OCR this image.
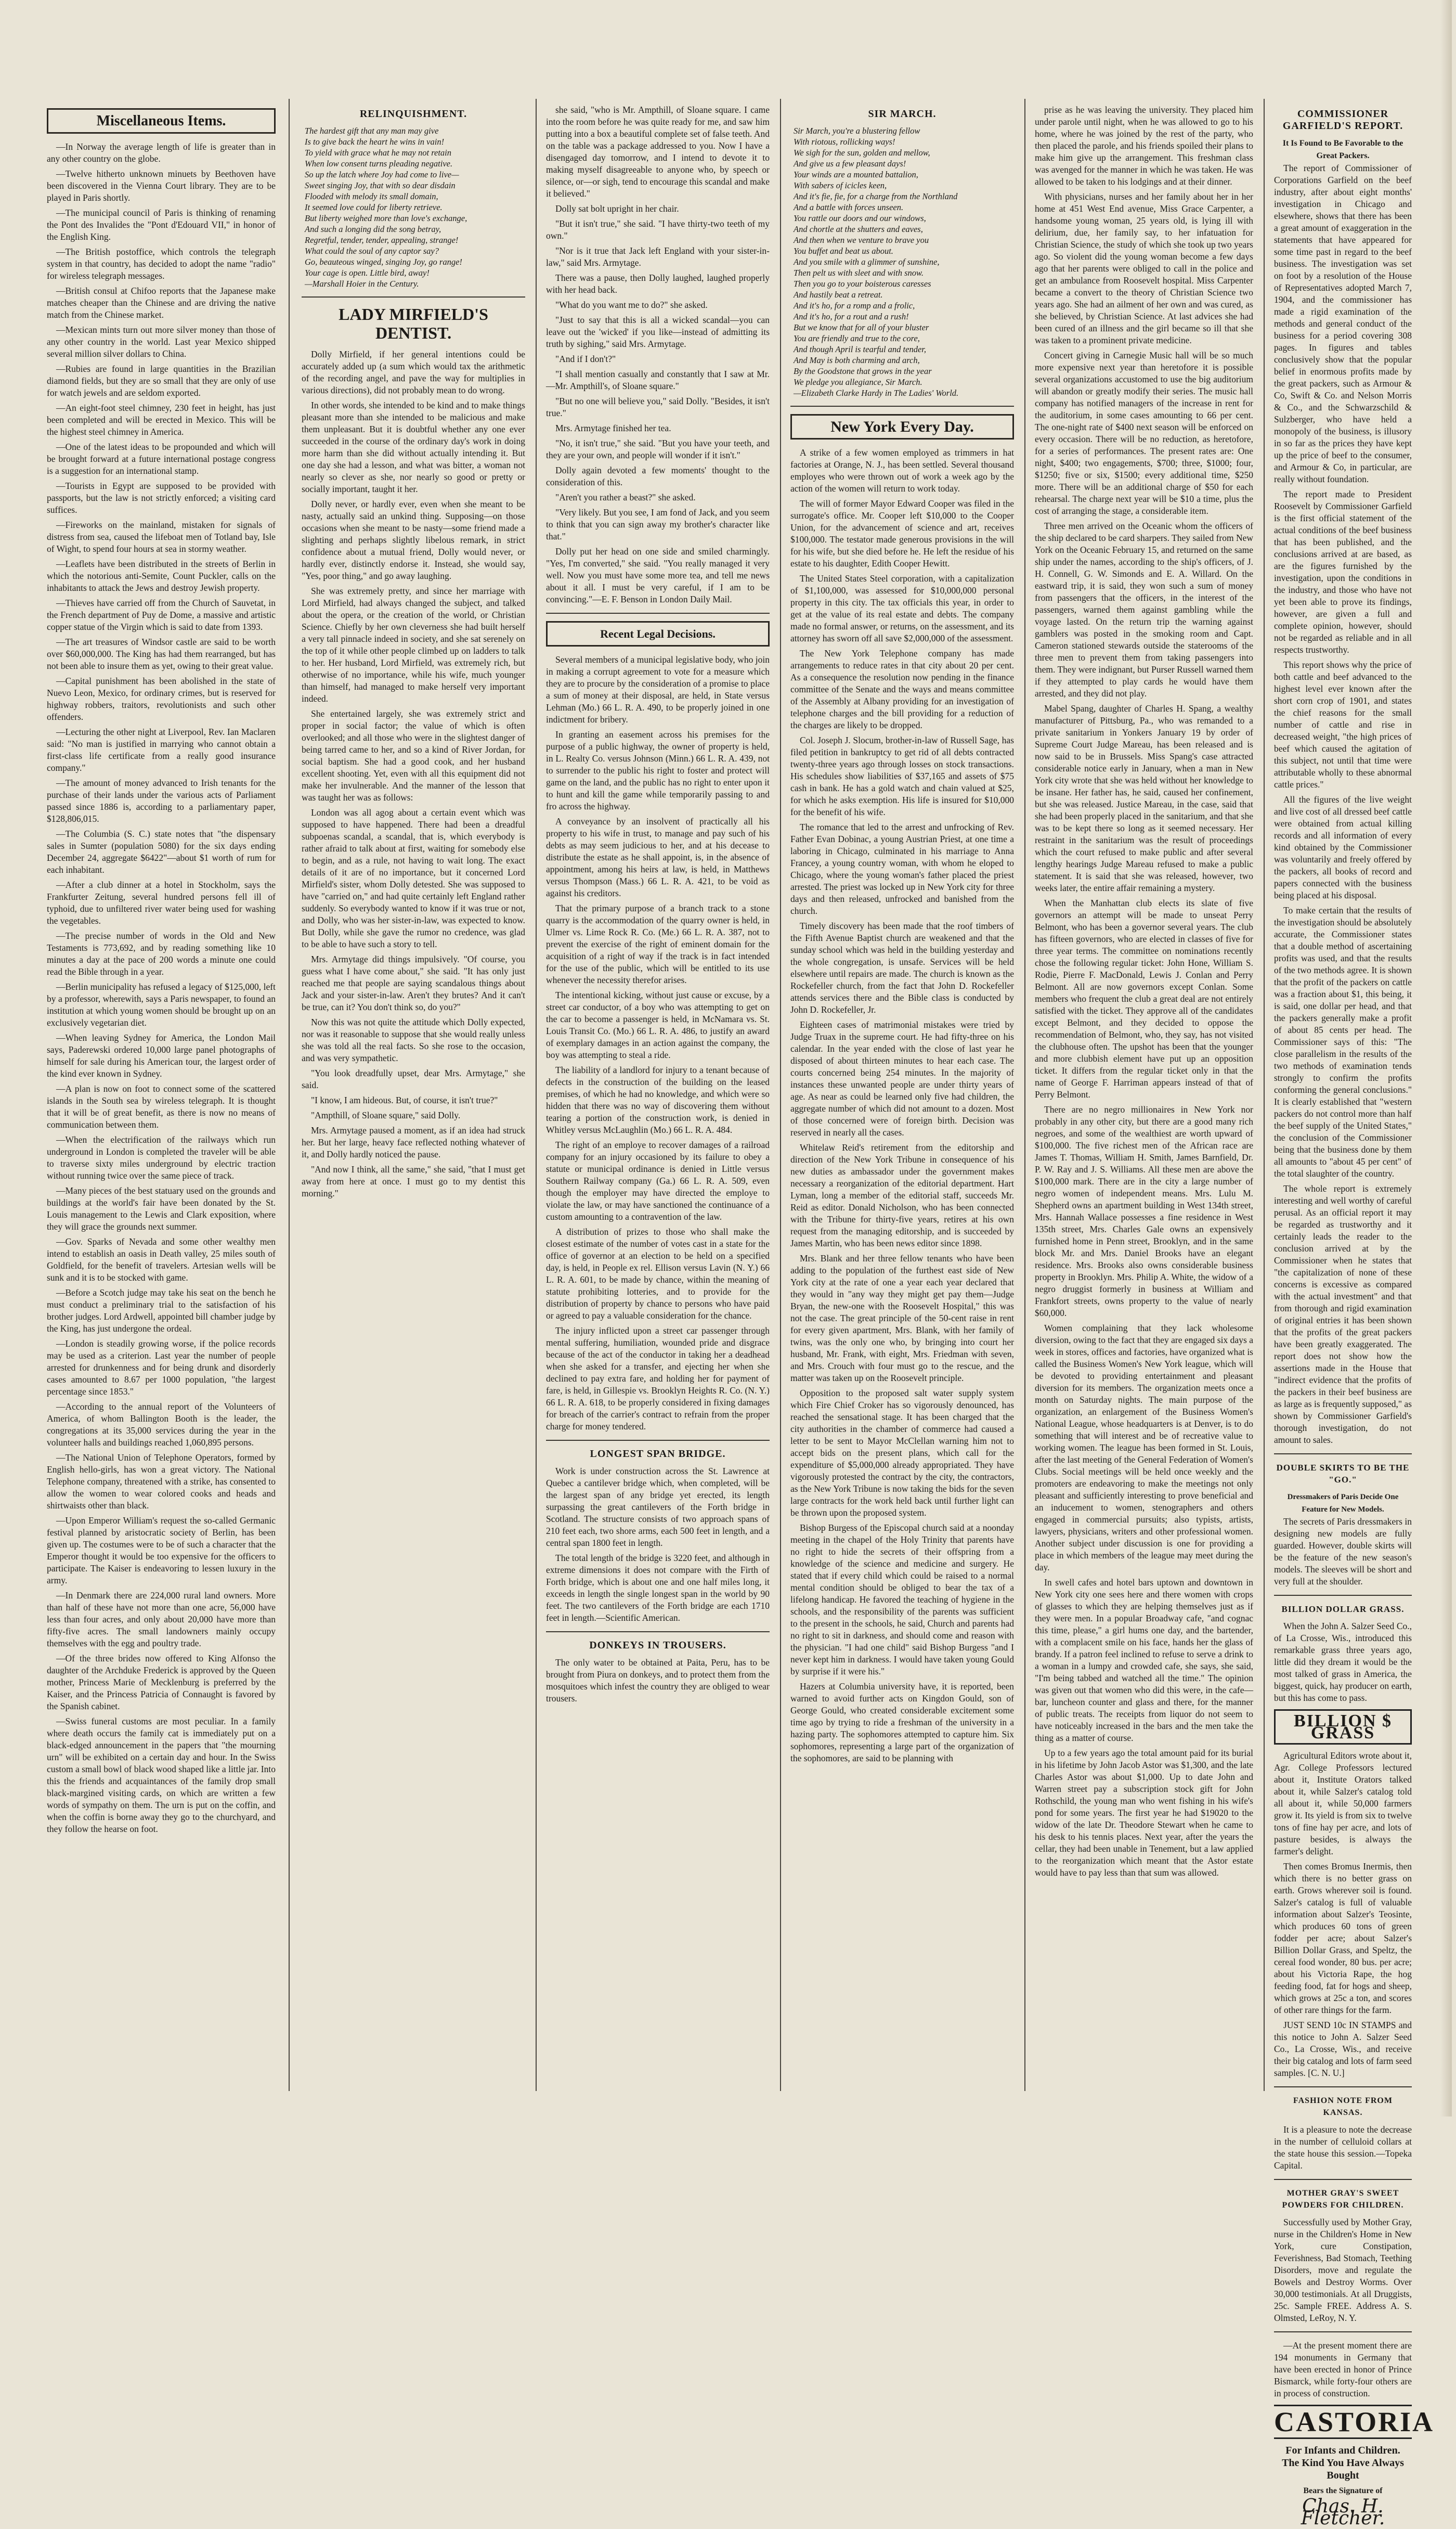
Miscellaneous Items.
—In Norway the average length of life is greater than in any other country on the globe.
—Twelve hitherto unknown minuets by Beethoven have been discovered in the Vienna Court library. They are to be played in Paris shortly.
—The municipal council of Paris is thinking of renaming the Pont des Invalides the "Pont d'Edouard VII," in honor of the English King.
—The British postoffice, which controls the telegraph system in that country, has decided to adopt the name "radio" for wireless telegraph messages.
—British consul at Chifoo reports that the Japanese make matches cheaper than the Chinese and are driving the native match from the Chinese market.
—Mexican mints turn out more silver money than those of any other country in the world. Last year Mexico shipped several million silver dollars to China.
—Rubies are found in large quantities in the Brazilian diamond fields, but they are so small that they are only of use for watch jewels and are seldom exported.
—An eight-foot steel chimney, 230 feet in height, has just been completed and will be erected in Mexico. This will be the highest steel chimney in America.
—One of the latest ideas to be propounded and which will be brought forward at a future international postage congress is a suggestion for an international stamp.
—Tourists in Egypt are supposed to be provided with passports, but the law is not strictly enforced; a visiting card suffices.
—Fireworks on the mainland, mistaken for signals of distress from sea, caused the lifeboat men of Totland bay, Isle of Wight, to spend four hours at sea in stormy weather.
—Leaflets have been distributed in the streets of Berlin in which the notorious anti-Semite, Count Puckler, calls on the inhabitants to attack the Jews and destroy Jewish property.
—Thieves have carried off from the Church of Sauvetat, in the French department of Puy de Dome, a massive and artistic copper statue of the Virgin which is said to date from 1393.
—The art treasures of Windsor castle are said to be worth over $60,000,000. The King has had them rearranged, but has not been able to insure them as yet, owing to their great value.
—Capital punishment has been abolished in the state of Nuevo Leon, Mexico, for ordinary crimes, but is reserved for highway robbers, traitors, revolutionists and such other offenders.
—Lecturing the other night at Liverpool, Rev. Ian Maclaren said: "No man is justified in marrying who cannot obtain a first-class life certificate from a really good insurance company."
—The amount of money advanced to Irish tenants for the purchase of their lands under the various acts of Parliament passed since 1886 is, according to a parliamentary paper, $128,806,015.
—The Columbia (S. C.) state notes that "the dispensary sales in Sumter (population 5080) for the six days ending December 24, aggregate $6422"—about $1 worth of rum for each inhabitant.
—After a club dinner at a hotel in Stockholm, says the Frankfurter Zeitung, several hundred persons fell ill of typhoid, due to unfiltered river water being used for washing the vegetables.
—The precise number of words in the Old and New Testaments is 773,692, and by reading something like 10 minutes a day at the pace of 200 words a minute one could read the Bible through in a year.
—Berlin municipality has refused a legacy of $125,000, left by a professor, wherewith, says a Paris newspaper, to found an institution at which young women should be brought up on an exclusively vegetarian diet.
—When leaving Sydney for America, the London Mail says, Paderewski ordered 10,000 large panel photographs of himself for sale during his American tour, the largest order of the kind ever known in Sydney.
—A plan is now on foot to connect some of the scattered islands in the South sea by wireless telegraph. It is thought that it will be of great benefit, as there is now no means of communication between them.
—When the electrification of the railways which run underground in London is completed the traveler will be able to traverse sixty miles underground by electric traction without running twice over the same piece of track.
—Many pieces of the best statuary used on the grounds and buildings at the world's fair have been donated by the St. Louis management to the Lewis and Clark exposition, where they will grace the grounds next summer.
—Gov. Sparks of Nevada and some other wealthy men intend to establish an oasis in Death valley, 25 miles south of Goldfield, for the benefit of travelers. Artesian wells will be sunk and it is to be stocked with game.
—Before a Scotch judge may take his seat on the bench he must conduct a preliminary trial to the satisfaction of his brother judges. Lord Ardwell, appointed bill chamber judge by the King, has just undergone the ordeal.
—London is steadily growing worse, if the police records may be used as a criterion. Last year the number of people arrested for drunkenness and for being drunk and disorderly cases amounted to 8.67 per 1000 population, "the largest percentage since 1853."
—According to the annual report of the Volunteers of America, of whom Ballington Booth is the leader, the congregations at its 35,000 services during the year in the volunteer halls and buildings reached 1,060,895 persons.
—The National Union of Telephone Operators, formed by English hello-girls, has won a great victory. The National Telephone company, threatened with a strike, has consented to allow the women to wear colored cooks and heads and shirtwaists other than black.
—Upon Emperor William's request the so-called Germanic festival planned by aristocratic society of Berlin, has been given up. The costumes were to be of such a character that the Emperor thought it would be too expensive for the officers to participate. The Kaiser is endeavoring to lessen luxury in the army.
—In Denmark there are 224,000 rural land owners. More than half of these have not more than one acre, 56,000 have less than four acres, and only about 20,000 have more than fifty-five acres. The small landowners mainly occupy themselves with the egg and poultry trade.
—Of the three brides now offered to King Alfonso the daughter of the Archduke Frederick is approved by the Queen mother, Princess Marie of Mecklenburg is preferred by the Kaiser, and the Princess Patricia of Connaught is favored by the Spanish cabinet.
—Swiss funeral customs are most peculiar. In a family where death occurs the family cat is immediately put on a black-edged announcement in the papers that "the mourning urn" will be exhibited on a certain day and hour. In the Swiss custom a small bowl of black wood shaped like a little jar. Into this the friends and acquaintances of the family drop small black-margined visiting cards, on which are written a few words of sympathy on them. The urn is put on the coffin, and when the coffin is borne away they go to the churchyard, and they follow the hearse on foot.
RELINQUISHMENT.
The hardest gift that any man may give
Is to give back the heart he wins in vain!
To yield with grace what he may not retain
When low consent turns pleading negative.
So up the latch where Joy had come to live—
Sweet singing Joy, that with so dear disdain
Flooded with melody its small domain,
It seemed love could for liberty retrieve.
But liberty weighed more than love's exchange,
And such a longing did the song betray,
Regretful, tender, tender, appealing, strange!
What could the soul of any captor say?
Go, beauteous winged, singing Joy, go range!
Your cage is open. Little bird, away!
—Marshall Hoier in the Century.
LADY MIRFIELD'S DENTIST.
Dolly Mirfield, if her general intentions could be accurately added up (a sum which would tax the arithmetic of the recording angel, and pave the way for multiplies in various directions), did not probably mean to do wrong.
In other words, she intended to be kind and to make things pleasant more than she intended to be malicious and make them unpleasant. But it is doubtful whether any one ever succeeded in the course of the ordinary day's work in doing more harm than she did without actually intending it. But one day she had a lesson, and what was bitter, a woman not nearly so clever as she, nor nearly so good or pretty or socially important, taught it her.
Dolly never, or hardly ever, even when she meant to be nasty, actually said an unkind thing. Supposing—on those occasions when she meant to be nasty—some friend made a slighting and perhaps slightly libelous remark, in strict confidence about a mutual friend, Dolly would never, or hardly ever, distinctly endorse it. Instead, she would say, "Yes, poor thing," and go away laughing.
She was extremely pretty, and since her marriage with Lord Mirfield, had always changed the subject, and talked about the opera, or the creation of the world, or Christian Science. Chiefly by her own cleverness she had built herself a very tall pinnacle indeed in society, and she sat serenely on the top of it while other people climbed up on ladders to talk to her. Her husband, Lord Mirfield, was extremely rich, but otherwise of no importance, while his wife, much younger than himself, had managed to make herself very important indeed.
She entertained largely, she was extremely strict and proper in social factor; the value of which is often overlooked; and all those who were in the slightest danger of being tarred came to her, and so a kind of River Jordan, for social baptism. She had a good cook, and her husband excellent shooting. Yet, even with all this equipment did not make her invulnerable. And the manner of the lesson that was taught her was as follows:
London was all agog about a certain event which was supposed to have happened. There had been a dreadful subpoenas scandal, a scandal, that is, which everybody is rather afraid to talk about at first, waiting for somebody else to begin, and as a rule, not having to wait long. The exact details of it are of no importance, but it concerned Lord Mirfield's sister, whom Dolly detested. She was supposed to have "carried on," and had quite certainly left England rather suddenly. So everybody wanted to know if it was true or not, and Dolly, who was her sister-in-law, was expected to know. But Dolly, while she gave the rumor no credence, was glad to be able to have such a story to tell.
Mrs. Armytage did things impulsively. "Of course, you guess what I have come about," she said. "It has only just reached me that people are saying scandalous things about Jack and your sister-in-law. Aren't they brutes? And it can't be true, can it? You don't think so, do you?"
Now this was not quite the attitude which Dolly expected, nor was it reasonable to suppose that she would really unless she was told all the real facts. So she rose to the occasion, and was very sympathetic.
"You look dreadfully upset, dear Mrs. Armytage," she said.
"I know, I am hideous. But, of course, it isn't true?"
"Ampthill, of Sloane square," said Dolly.
Mrs. Armytage paused a moment, as if an idea had struck her. But her large, heavy face reflected nothing whatever of it, and Dolly hardly noticed the pause.
"And now I think, all the same," she said, "that I must get away from here at once. I must go to my dentist this morning."
she said, "who is Mr. Ampthill, of Sloane square. I came into the room before he was quite ready for me, and saw him putting into a box a beautiful complete set of false teeth. And on the table was a package addressed to you. Now I have a disengaged day tomorrow, and I intend to devote it to making myself disagreeable to anyone who, by speech or silence, or—or sigh, tend to encourage this scandal and make it believed."
Dolly sat bolt upright in her chair.
"But it isn't true," she said. "I have thirty-two teeth of my own."
"Nor is it true that Jack left England with your sister-in-law," said Mrs. Armytage.
There was a pause, then Dolly laughed, laughed properly with her head back.
"What do you want me to do?" she asked.
"Just to say that this is all a wicked scandal—you can leave out the 'wicked' if you like—instead of admitting its truth by sighing," said Mrs. Armytage.
"And if I don't?"
"I shall mention casually and constantly that I saw at Mr.—Mr. Ampthill's, of Sloane square."
"But no one will believe you," said Dolly. "Besides, it isn't true."
Mrs. Armytage finished her tea.
"No, it isn't true," she said. "But you have your teeth, and they are your own, and people will wonder if it isn't."
Dolly again devoted a few moments' thought to the consideration of this.
"Aren't you rather a beast?" she asked.
"Very likely. But you see, I am fond of Jack, and you seem to think that you can sign away my brother's character like that."
Dolly put her head on one side and smiled charmingly. "Yes, I'm converted," she said. "You really managed it very well. Now you must have some more tea, and tell me news about it all. I must be very careful, if I am to be convincing."—E. F. Benson in London Daily Mail.
Recent Legal Decisions.
Several members of a municipal legislative body, who join in making a corrupt agreement to vote for a measure which they are to procure by the consideration of a promise to place a sum of money at their disposal, are held, in State versus Lehman (Mo.) 66 L. R. A. 490, to be properly joined in one indictment for bribery.
In granting an easement across his premises for the purpose of a public highway, the owner of property is held, in L. Realty Co. versus Johnson (Minn.) 66 L. R. A. 439, not to surrender to the public his right to foster and protect will game on the land, and the public has no right to enter upon it to hunt and kill the game while temporarily passing to and fro across the highway.
A conveyance by an insolvent of practically all his property to his wife in trust, to manage and pay such of his debts as may seem judicious to her, and at his decease to distribute the estate as he shall appoint, is, in the absence of appointment, among his heirs at law, is held, in Matthews versus Thompson (Mass.) 66 L. R. A. 421, to be void as against his creditors.
That the primary purpose of a branch track to a stone quarry is the accommodation of the quarry owner is held, in Ulmer vs. Lime Rock R. Co. (Me.) 66 L. R. A. 387, not to prevent the exercise of the right of eminent domain for the acquisition of a right of way if the track is in fact intended for the use of the public, which will be entitled to its use whenever the necessity therefor arises.
The intentional kicking, without just cause or excuse, by a street car conductor, of a boy who was attempting to get on the car to become a passenger is held, in McNamara vs. St. Louis Transit Co. (Mo.) 66 L. R. A. 486, to justify an award of exemplary damages in an action against the company, the boy was attempting to steal a ride.
The liability of a landlord for injury to a tenant because of defects in the construction of the building on the leased premises, of which he had no knowledge, and which were so hidden that there was no way of discovering them without tearing a portion of the construction work, is denied in Whitley versus McLaughlin (Mo.) 66 L. R. A. 484.
The right of an employe to recover damages of a railroad company for an injury occasioned by its failure to obey a statute or municipal ordinance is denied in Little versus Southern Railway company (Ga.) 66 L. R. A. 509, even though the employer may have directed the employe to violate the law, or may have sanctioned the continuance of a custom amounting to a contravention of the law.
A distribution of prizes to those who shall make the closest estimate of the number of votes cast in a state for the office of governor at an election to be held on a specified day, is held, in People ex rel. Ellison versus Lavin (N. Y.) 66 L. R. A. 601, to be made by chance, within the meaning of statute prohibiting lotteries, and to provide for the distribution of property by chance to persons who have paid or agreed to pay a valuable consideration for the chance.
The injury inflicted upon a street car passenger through mental suffering, humiliation, wounded pride and disgrace because of the act of the conductor in taking her a deadhead when she asked for a transfer, and ejecting her when she declined to pay extra fare, and holding her for payment of fare, is held, in Gillespie vs. Brooklyn Heights R. Co. (N. Y.) 66 L. R. A. 618, to be properly considered in fixing damages for breach of the carrier's contract to refrain from the proper charge for money tendered.
LONGEST SPAN BRIDGE.
Work is under construction across the St. Lawrence at Quebec a cantilever bridge which, when completed, will be the largest span of any bridge yet erected, its length surpassing the great cantilevers of the Forth bridge in Scotland. The structure consists of two approach spans of 210 feet each, two shore arms, each 500 feet in length, and a central span 1800 feet in length.
The total length of the bridge is 3220 feet, and although in extreme dimensions it does not compare with the Firth of Forth bridge, which is about one and one half miles long, it exceeds in length the single longest span in the world by 90 feet. The two cantilevers of the Forth bridge are each 1710 feet in length.—Scientific American.
DONKEYS IN TROUSERS.
The only water to be obtained at Paita, Peru, has to be brought from Piura on donkeys, and to protect them from the mosquitoes which infest the country they are obliged to wear trousers.
SIR MARCH.
Sir March, you're a blustering fellow
With riotous, rollicking ways!
We sigh for the sun, golden and mellow,
And give us a few pleasant days!
Your winds are a mounted battalion,
With sabers of icicles keen,
And it's fie, fie, for a charge from the Northland
And a battle with forces unseen.
You rattle our doors and our windows,
And chortle at the shutters and eaves,
And then when we venture to brave you
You buffet and beat us about.
And you smile with a glimmer of sunshine,
Then pelt us with sleet and with snow.
Then you go to your boisterous caresses
And hastily beat a retreat.
And it's ho, for a romp and a frolic,
And it's ho, for a rout and a rush!
But we know that for all of your bluster
You are friendly and true to the core,
And though April is tearful and tender,
And May is both charming and arch,
By the Goodstone that grows in the year
We pledge you allegiance, Sir March.
—Elizabeth Clarke Hardy in The Ladies' World.
New York Every Day.
A strike of a few women employed as trimmers in hat factories at Orange, N. J., has been settled. Several thousand employes who were thrown out of work a week ago by the action of the women will return to work today.
The will of former Mayor Edward Cooper was filed in the surrogate's office. Mr. Cooper left $10,000 to the Cooper Union, for the advancement of science and art, receives $100,000. The testator made generous provisions in the will for his wife, but she died before he. He left the residue of his estate to his daughter, Edith Cooper Hewitt.
The United States Steel corporation, with a capitalization of $1,100,000, was assessed for $10,000,000 personal property in this city. The tax officials this year, in order to get at the value of its real estate and debts. The company made no formal answer, or returns, on the assessment, and its attorney has sworn off all save $2,000,000 of the assessment.
The New York Telephone company has made arrangements to reduce rates in that city about 20 per cent. As a consequence the resolution now pending in the finance committee of the Senate and the ways and means committee of the Assembly at Albany providing for an investigation of telephone charges and the bill providing for a reduction of the charges are likely to be dropped.
Col. Joseph J. Slocum, brother-in-law of Russell Sage, has filed petition in bankruptcy to get rid of all debts contracted twenty-three years ago through losses on stock transactions. His schedules show liabilities of $37,165 and assets of $75 cash in bank. He has a gold watch and chain valued at $25, for which he asks exemption. His life is insured for $10,000 for the benefit of his wife.
The romance that led to the arrest and unfrocking of Rev. Father Evan Dobinac, a young Austrian Priest, at one time a laboring in Chicago, culminated in his marriage to Anna Francey, a young country woman, with whom he eloped to Chicago, where the young woman's father placed the priest arrested. The priest was locked up in New York city for three days and then released, unfrocked and banished from the church.
Timely discovery has been made that the roof timbers of the Fifth Avenue Baptist church are weakened and that the sunday school which was held in the building yesterday and the whole congregation, is unsafe. Services will be held elsewhere until repairs are made. The church is known as the Rockefeller church, from the fact that John D. Rockefeller attends services there and the Bible class is conducted by John D. Rockefeller, Jr.
Eighteen cases of matrimonial mistakes were tried by Judge Truax in the supreme court. He had fifty-three on his calendar. In the year ended with the close of last year he disposed of about thirteen minutes to hear each case. The courts concerned being 254 minutes. In the majority of instances these unwanted people are under thirty years of age. As near as could be learned only five had children, the aggregate number of which did not amount to a dozen. Most of those concerned were of foreign birth. Decision was reserved in nearly all the cases.
Whitelaw Reid's retirement from the editorship and direction of the New York Tribune in consequence of his new duties as ambassador under the government makes necessary a reorganization of the editorial department. Hart Lyman, long a member of the editorial staff, succeeds Mr. Reid as editor. Donald Nicholson, who has been connected with the Tribune for thirty-five years, retires at his own request from the managing editorship, and is succeeded by James Martin, who has been news editor since 1898.
Mrs. Blank and her three fellow tenants who have been adding to the population of the furthest east side of New York city at the rate of one a year each year declared that they would in "any way they might get pay them—Judge Bryan, the new-one with the Roosevelt Hospital," this was not the case. The great principle of the 50-cent raise in rent for every given apartment, Mrs. Blank, with her family of twins, was the only one who, by bringing into court her husband, Mr. Frank, with eight, Mrs. Friedman with seven, and Mrs. Crouch with four must go to the rescue, and the matter was taken up on the Roosevelt principle.
Opposition to the proposed salt water supply system which Fire Chief Croker has so vigorously denounced, has reached the sensational stage. It has been charged that the city authorities in the chamber of commerce had caused a letter to be sent to Mayor McClellan warning him not to accept bids on the present plans, which call for the expenditure of $5,000,000 already appropriated. They have vigorously protested the contract by the city, the contractors, as the New York Tribune is now taking the bids for the seven large contracts for the work held back until further light can be thrown upon the proposed system.
Bishop Burgess of the Episcopal church said at a noonday meeting in the chapel of the Holy Trinity that parents have no right to hide the secrets of their offspring from a knowledge of the science and medicine and surgery. He stated that if every child which could be raised to a normal mental condition should be obliged to bear the tax of a lifelong handicap. He favored the teaching of hygiene in the schools, and the responsibility of the parents was sufficient to the present in the schools, he said, Church and parents had no right to sit in darkness, and should come and reason with the physician. "I had one child" said Bishop Burgess "and I never kept him in darkness. I would have taken young Gould by surprise if it were his."
Hazers at Columbia university have, it is reported, been warned to avoid further acts on Kingdon Gould, son of George Gould, who created considerable excitement some time ago by trying to ride a freshman of the university in a hazing party. The sophomores attempted to capture him. Six sophomores, representing a large part of the organization of the sophomores, are said to be planning with
prise as he was leaving the university. They placed him under parole until night, when he was allowed to go to his home, where he was joined by the rest of the party, who then placed the parole, and his friends spoiled their plans to make him give up the arrangement. This freshman class was avenged for the manner in which he was taken. He was allowed to be taken to his lodgings and at their dinner.
With physicians, nurses and her family about her in her home at 451 West End avenue, Miss Grace Carpenter, a handsome young woman, 25 years old, is lying ill with delirium, due, her family say, to her infatuation for Christian Science, the study of which she took up two years ago. So violent did the young woman become a few days ago that her parents were obliged to call in the police and get an ambulance from Roosevelt hospital. Miss Carpenter became a convert to the theory of Christian Science two years ago. She had an ailment of her own and was cured, as she believed, by Christian Science. At last advices she had been cured of an illness and the girl became so ill that she was taken to a prominent private medicine.
Concert giving in Carnegie Music hall will be so much more expensive next year than heretofore it is possible several organizations accustomed to use the big auditorium will abandon or greatly modify their series. The music hall company has notified managers of the increase in rent for the auditorium, in some cases amounting to 66 per cent. The one-night rate of $400 next season will be enforced on every occasion. There will be no reduction, as heretofore, for a series of performances. The present rates are: One night, $400; two engagements, $700; three, $1000; four, $1250; five or six, $1500; every additional time, $250 more. There will be an additional charge of $50 for each rehearsal. The charge next year will be $10 a time, plus the cost of arranging the stage, a considerable item.
Three men arrived on the Oceanic whom the officers of the ship declared to be card sharpers. They sailed from New York on the Oceanic February 15, and returned on the same ship under the names, according to the ship's officers, of J. H. Connell, G. W. Simonds and E. A. Willard. On the eastward trip, it is said, they won such a sum of money from passengers that the officers, in the interest of the passengers, warned them against gambling while the voyage lasted. On the return trip the warning against gamblers was posted in the smoking room and Capt. Cameron stationed stewards outside the staterooms of the three men to prevent them from taking passengers into them. They were indignant, but Purser Russell warned them if they attempted to play cards he would have them arrested, and they did not play.
Mabel Spang, daughter of Charles H. Spang, a wealthy manufacturer of Pittsburg, Pa., who was remanded to a private sanitarium in Yonkers January 19 by order of Supreme Court Judge Mareau, has been released and is now said to be in Brussels. Miss Spang's case attracted considerable notice early in January, when a man in New York city wrote that she was held without her knowledge to be insane. Her father has, he said, caused her confinement, but she was released. Justice Mareau, in the case, said that she had been properly placed in the sanitarium, and that she was to be kept there so long as it seemed necessary. Her restraint in the sanitarium was the result of proceedings which the court refused to make public and after several lengthy hearings Judge Mareau refused to make a public statement. It is said that she was released, however, two weeks later, the entire affair remaining a mystery.
When the Manhattan club elects its slate of five governors an attempt will be made to unseat Perry Belmont, who has been a governor several years. The club has fifteen governors, who are elected in classes of five for three year terms. The committee on nominations recently chose the following regular ticket: John Hone, William S. Rodie, Pierre F. MacDonald, Lewis J. Conlan and Perry Belmont. All are now governors except Conlan. Some members who frequent the club a great deal are not entirely satisfied with the ticket. They approve all of the candidates except Belmont, and they decided to oppose the recommendation of Belmont, who, they say, has not visited the clubhouse often. The upshot has been that the younger and more clubbish element have put up an opposition ticket. It differs from the regular ticket only in that the name of George F. Harriman appears instead of that of Perry Belmont.
There are no negro millionaires in New York nor probably in any other city, but there are a good many rich negroes, and some of the wealthiest are worth upward of $100,000. The five richest men of the African race are James T. Thomas, William H. Smith, James Barnfield, Dr. P. W. Ray and J. S. Williams. All these men are above the $100,000 mark. There are in the city a large number of negro women of independent means. Mrs. Lulu M. Shepherd owns an apartment building in West 134th street, Mrs. Hannah Wallace possesses a fine residence in West 135th street, Mrs. Charles Gale owns an expensively furnished home in Penn street, Brooklyn, and in the same block Mr. and Mrs. Daniel Brooks have an elegant residence. Mrs. Brooks also owns considerable business property in Brooklyn. Mrs. Philip A. White, the widow of a negro druggist formerly in business at William and Frankfort streets, owns property to the value of nearly $60,000.
Women complaining that they lack wholesome diversion, owing to the fact that they are engaged six days a week in stores, offices and factories, have organized what is called the Business Women's New York league, which will be devoted to providing entertainment and pleasant diversion for its members. The organization meets once a month on Saturday nights. The main purpose of the organization, an enlargement of the Business Women's National League, whose headquarters is at Denver, is to do something that will interest and be of recreative value to working women. The league has been formed in St. Louis, after the last meeting of the General Federation of Women's Clubs. Social meetings will be held once weekly and the promoters are endeavoring to make the meetings not only pleasant and sufficiently interesting to prove beneficial and an inducement to women, stenographers and others engaged in commercial pursuits; also typists, artists, lawyers, physicians, writers and other professional women. Another subject under discussion is one for providing a place in which members of the league may meet during the day.
In swell cafes and hotel bars uptown and downtown in New York city one sees here and there women with crops of glasses to which they are helping themselves just as if they were men. In a popular Broadway cafe, "and cognac this time, please," a girl hums one day, and the bartender, with a complacent smile on his face, hands her the glass of brandy. If a patron feel inclined to refuse to serve a drink to a woman in a lumpy and crowded cafe, she says, she said, "I'm being tabbed and watched all the time." The opinion was given out that women who did this were, in the cafe—bar, luncheon counter and glass and there, for the manner of public treats. The receipts from liquor do not seem to have noticeably increased in the bars and the men take the thing as a matter of course.
Up to a few years ago the total amount paid for its burial in his lifetime by John Jacob Astor was $1,300, and the late Charles Astor was about $1,000. Up to date John and Warren street pay a subscription stock gift for John Rothschild, the young man who went fishing in his wife's pond for some years. The first year he had $19020 to the widow of the late Dr. Theodore Stewart when he came to his desk to his tennis places. Next year, after the years the cellar, they had been unable in Tenement, but a law applied to the reorganization which meant that the Astor estate would have to pay less than that sum was allowed.
COMMISSIONER GARFIELD'S REPORT.
It Is Found to Be Favorable to the Great Packers.
The report of Commissioner of Corporations Garfield on the beef industry, after about eight months' investigation in Chicago and elsewhere, shows that there has been a great amount of exaggeration in the statements that have appeared for some time past in regard to the beef business. The investigation was set on foot by a resolution of the House of Representatives adopted March 7, 1904, and the commissioner has made a rigid examination of the methods and general conduct of the business for a period covering 308 pages. In figures and tables conclusively show that the popular belief in enormous profits made by the great packers, such as Armour & Co, Swift & Co. and Nelson Morris & Co., and the Schwarzschild & Sulzberger, who have held a monopoly of the business, is illusory in so far as the prices they have kept up the price of beef to the consumer, and Armour & Co, in particular, are really without foundation.
The report made to President Roosevelt by Commissioner Garfield is the first official statement of the actual conditions of the beef business that has been published, and the conclusions arrived at are based, as are the figures furnished by the investigation, upon the conditions in the industry, and those who have not yet been able to prove its findings, however, are given a full and complete opinion, however, should not be regarded as reliable and in all respects trustworthy.
This report shows why the price of both cattle and beef advanced to the highest level ever known after the short corn crop of 1901, and states the chief reasons for the small number of cattle and rise in decreased weight, "the high prices of beef which caused the agitation of this subject, not until that time were attributable wholly to these abnormal cattle prices."
All the figures of the live weight and live cost of all dressed beef cattle were obtained from actual killing records and all information of every kind obtained by the Commissioner was voluntarily and freely offered by the packers, all books of record and papers connected with the business being placed at his disposal.
To make certain that the results of the investigation should be absolutely accurate, the Commissioner states that a double method of ascertaining profits was used, and that the results of the two methods agree. It is shown that the profit of the packers on cattle was a fraction about $1, this being, it is said, one dollar per head, and that the packers generally make a profit of about 85 cents per head. The Commissioner says of this: "The close parallelism in the results of the two methods of examination tends strongly to confirm the profits conforming the general conclusions." It is clearly established that "western packers do not control more than half the beef supply of the United States," the conclusion of the Commissioner being that the business done by them all amounts to "about 45 per cent" of the total slaughter of the country.
The whole report is extremely interesting and well worthy of careful perusal. As an official report it may be regarded as trustworthy and it certainly leads the reader to the conclusion arrived at by the Commissioner when he states that "the capitalization of none of these concerns is excessive as compared with the actual investment" and that from thorough and rigid examination of original entries it has been shown that the profits of the great packers have been greatly exaggerated. The report does not show how the assertions made in the House that "indirect evidence that the profits of the packers in their beef business are as large as is frequently supposed," as shown by Commissioner Garfield's thorough investigation, do not amount to sales.
DOUBLE SKIRTS TO BE THE "GO."
Dressmakers of Paris Decide One Feature for New Models.
The secrets of Paris dressmakers in designing new models are fully guarded. However, double skirts will be the feature of the new season's models. The sleeves will be short and very full at the shoulder.
BILLION DOLLAR GRASS.
When the John A. Salzer Seed Co., of La Crosse, Wis., introduced this remarkable grass three years ago, little did they dream it would be the most talked of grass in America, the biggest, quick, hay producer on earth, but this has come to pass.
BILLION $ GRASS
Agricultural Editors wrote about it, Agr. College Professors lectured about it, Institute Orators talked about it, while Salzer's catalog told all about it, while 50,000 farmers grow it. Its yield is from six to twelve tons of fine hay per acre, and lots of pasture besides, is always the farmer's delight.
Then comes Bromus Inermis, then which there is no better grass on earth. Grows wherever soil is found. Salzer's catalog is full of valuable information about Salzer's Teosinte, which produces 60 tons of green fodder per acre; about Salzer's Billion Dollar Grass, and Speltz, the cereal food wonder, 80 bus. per acre; about his Victoria Rape, the hog feeding food, fat for hogs and sheep, which grows at 25c a ton, and scores of other rare things for the farm.
JUST SEND 10c IN STAMPS and this notice to John A. Salzer Seed Co., La Crosse, Wis., and receive their big catalog and lots of farm seed samples. [C. N. U.]
FASHION NOTE FROM KANSAS.
It is a pleasure to note the decrease in the number of celluloid collars at the state house this session.—Topeka Capital.
MOTHER GRAY'S SWEET POWDERS FOR CHILDREN.
Successfully used by Mother Gray, nurse in the Children's Home in New York, cure Constipation, Feverishness, Bad Stomach, Teething Disorders, move and regulate the Bowels and Destroy Worms. Over 30,000 testimonials. At all Druggists, 25c. Sample FREE. Address A. S. Olmsted, LeRoy, N. Y.
—At the present moment there are 194 monuments in Germany that have been erected in honor of Prince Bismarck, while forty-four others are in process of construction.
CASTORIA
For Infants and Children.
The Kind You Have Always Bought
Bears the Signature of
Chas. H. Fletcher.
